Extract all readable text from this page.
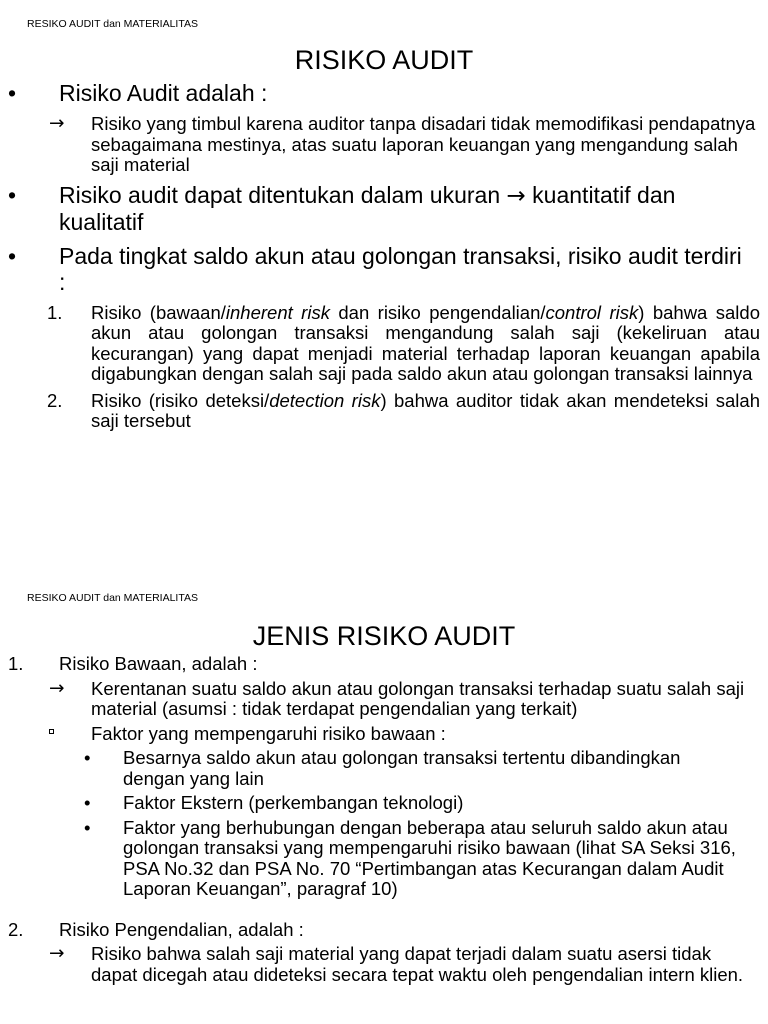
RESIKO AUDIT dan MATERIALITAS
RISIKO AUDIT
• Risiko Audit adalah :
→ Risiko yang timbul karena auditor tanpa disadari tidak memodifikasi pendapatnya sebagaimana mestinya, atas suatu laporan keuangan yang mengandung salah saji material
• Risiko audit dapat ditentukan dalam ukuran → kuantitatif dan kualitatif
• Pada tingkat saldo akun atau golongan transaksi, risiko audit terdiri :
1. Risiko (bawaan/inherent risk dan risiko pengendalian/control risk) bahwa saldo akun atau golongan transaksi mengandung salah saji (kekeliruan atau kecurangan) yang dapat menjadi material terhadap laporan keuangan apabila digabungkan dengan salah saji pada saldo akun atau golongan transaksi lainnya
2. Risiko (risiko deteksi/detection risk) bahwa auditor tidak akan mendeteksi salah saji tersebut
RESIKO AUDIT dan MATERIALITAS
JENIS RISIKO AUDIT
1. Risiko Bawaan, adalah :
→ Kerentanan suatu saldo akun atau golongan transaksi terhadap suatu salah saji material (asumsi : tidak terdapat pengendalian yang terkait)
Faktor yang mempengaruhi risiko bawaan :
• Besarnya saldo akun atau golongan transaksi tertentu dibandingkan dengan yang lain
• Faktor Ekstern (perkembangan teknologi)
• Faktor yang berhubungan dengan beberapa atau seluruh saldo akun atau golongan transaksi yang mempengaruhi risiko bawaan (lihat SA Seksi 316, PSA No.32 dan PSA No. 70 “Pertimbangan atas Kecurangan dalam Audit Laporan Keuangan”, paragraf 10)
2. Risiko Pengendalian, adalah :
→ Risiko bahwa salah saji material yang dapat terjadi dalam suatu asersi tidak dapat dicegah atau dideteksi secara tepat waktu oleh pengendalian intern klien.
